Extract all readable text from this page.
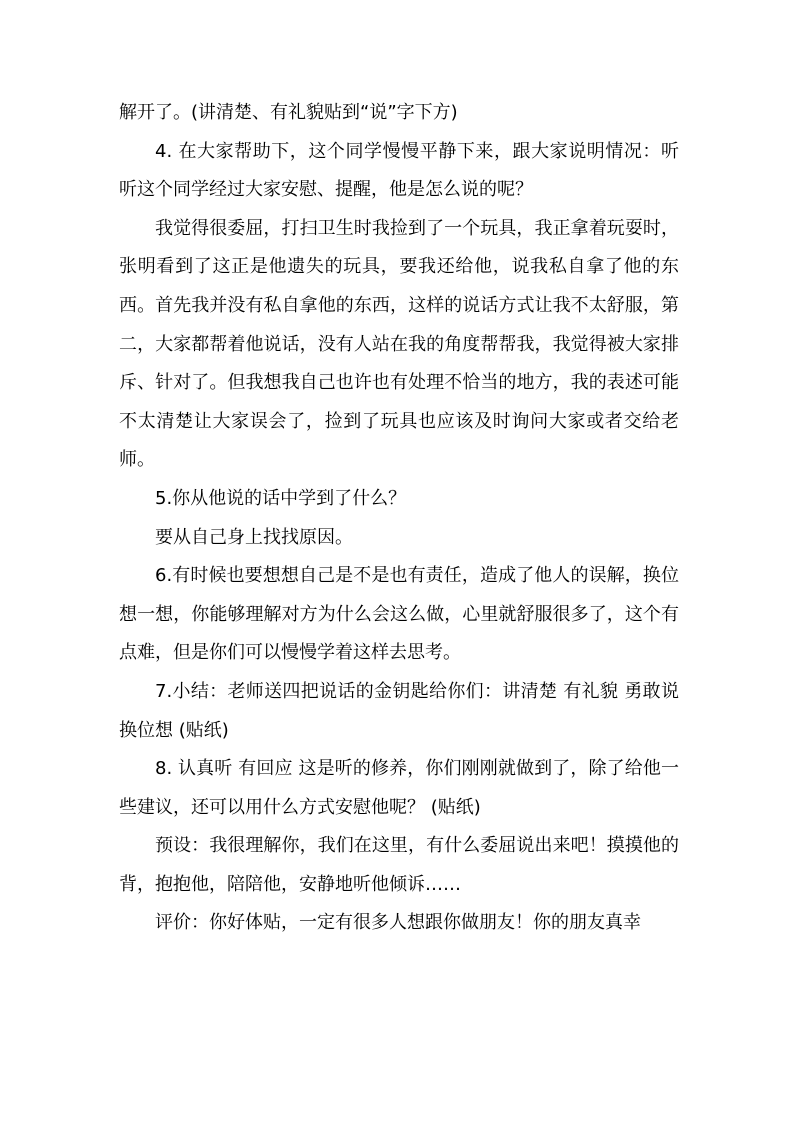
解开了。(讲清楚、有礼貌贴到“说”字下方)

4. 在大家帮助下，这个同学慢慢平静下来，跟大家说明情况：听听这个同学经过大家安慰、提醒，他是怎么说的呢？

我觉得很委屈，打扫卫生时我捡到了一个玩具，我正拿着玩耍时，张明看到了这正是他遗失的玩具，要我还给他，说我私自拿了他的东西。首先我并没有私自拿他的东西，这样的说话方式让我不太舒服，第二，大家都帮着他说话，没有人站在我的角度帮帮我，我觉得被大家排斥、针对了。但我想我自己也许也有处理不恰当的地方，我的表述可能不太清楚让大家误会了，捡到了玩具也应该及时询问大家或者交给老师。

5.你从他说的话中学到了什么？

要从自己身上找找原因。

6.有时候也要想想自己是不是也有责任，造成了他人的误解，换位想一想，你能够理解对方为什么会这么做，心里就舒服很多了，这个有点难，但是你们可以慢慢学着这样去思考。

7.小结：老师送四把说话的金钥匙给你们：讲清楚 有礼貌 勇敢说 换位想 (贴纸)

8. 认真听 有回应 这是听的修养，你们刚刚就做到了，除了给他一些建议，还可以用什么方式安慰他呢？ (贴纸)

预设：我很理解你，我们在这里，有什么委屈说出来吧！摸摸他的背，抱抱他，陪陪他，安静地听他倾诉……

评价：你好体贴，一定有很多人想跟你做朋友！你的朋友真幸
